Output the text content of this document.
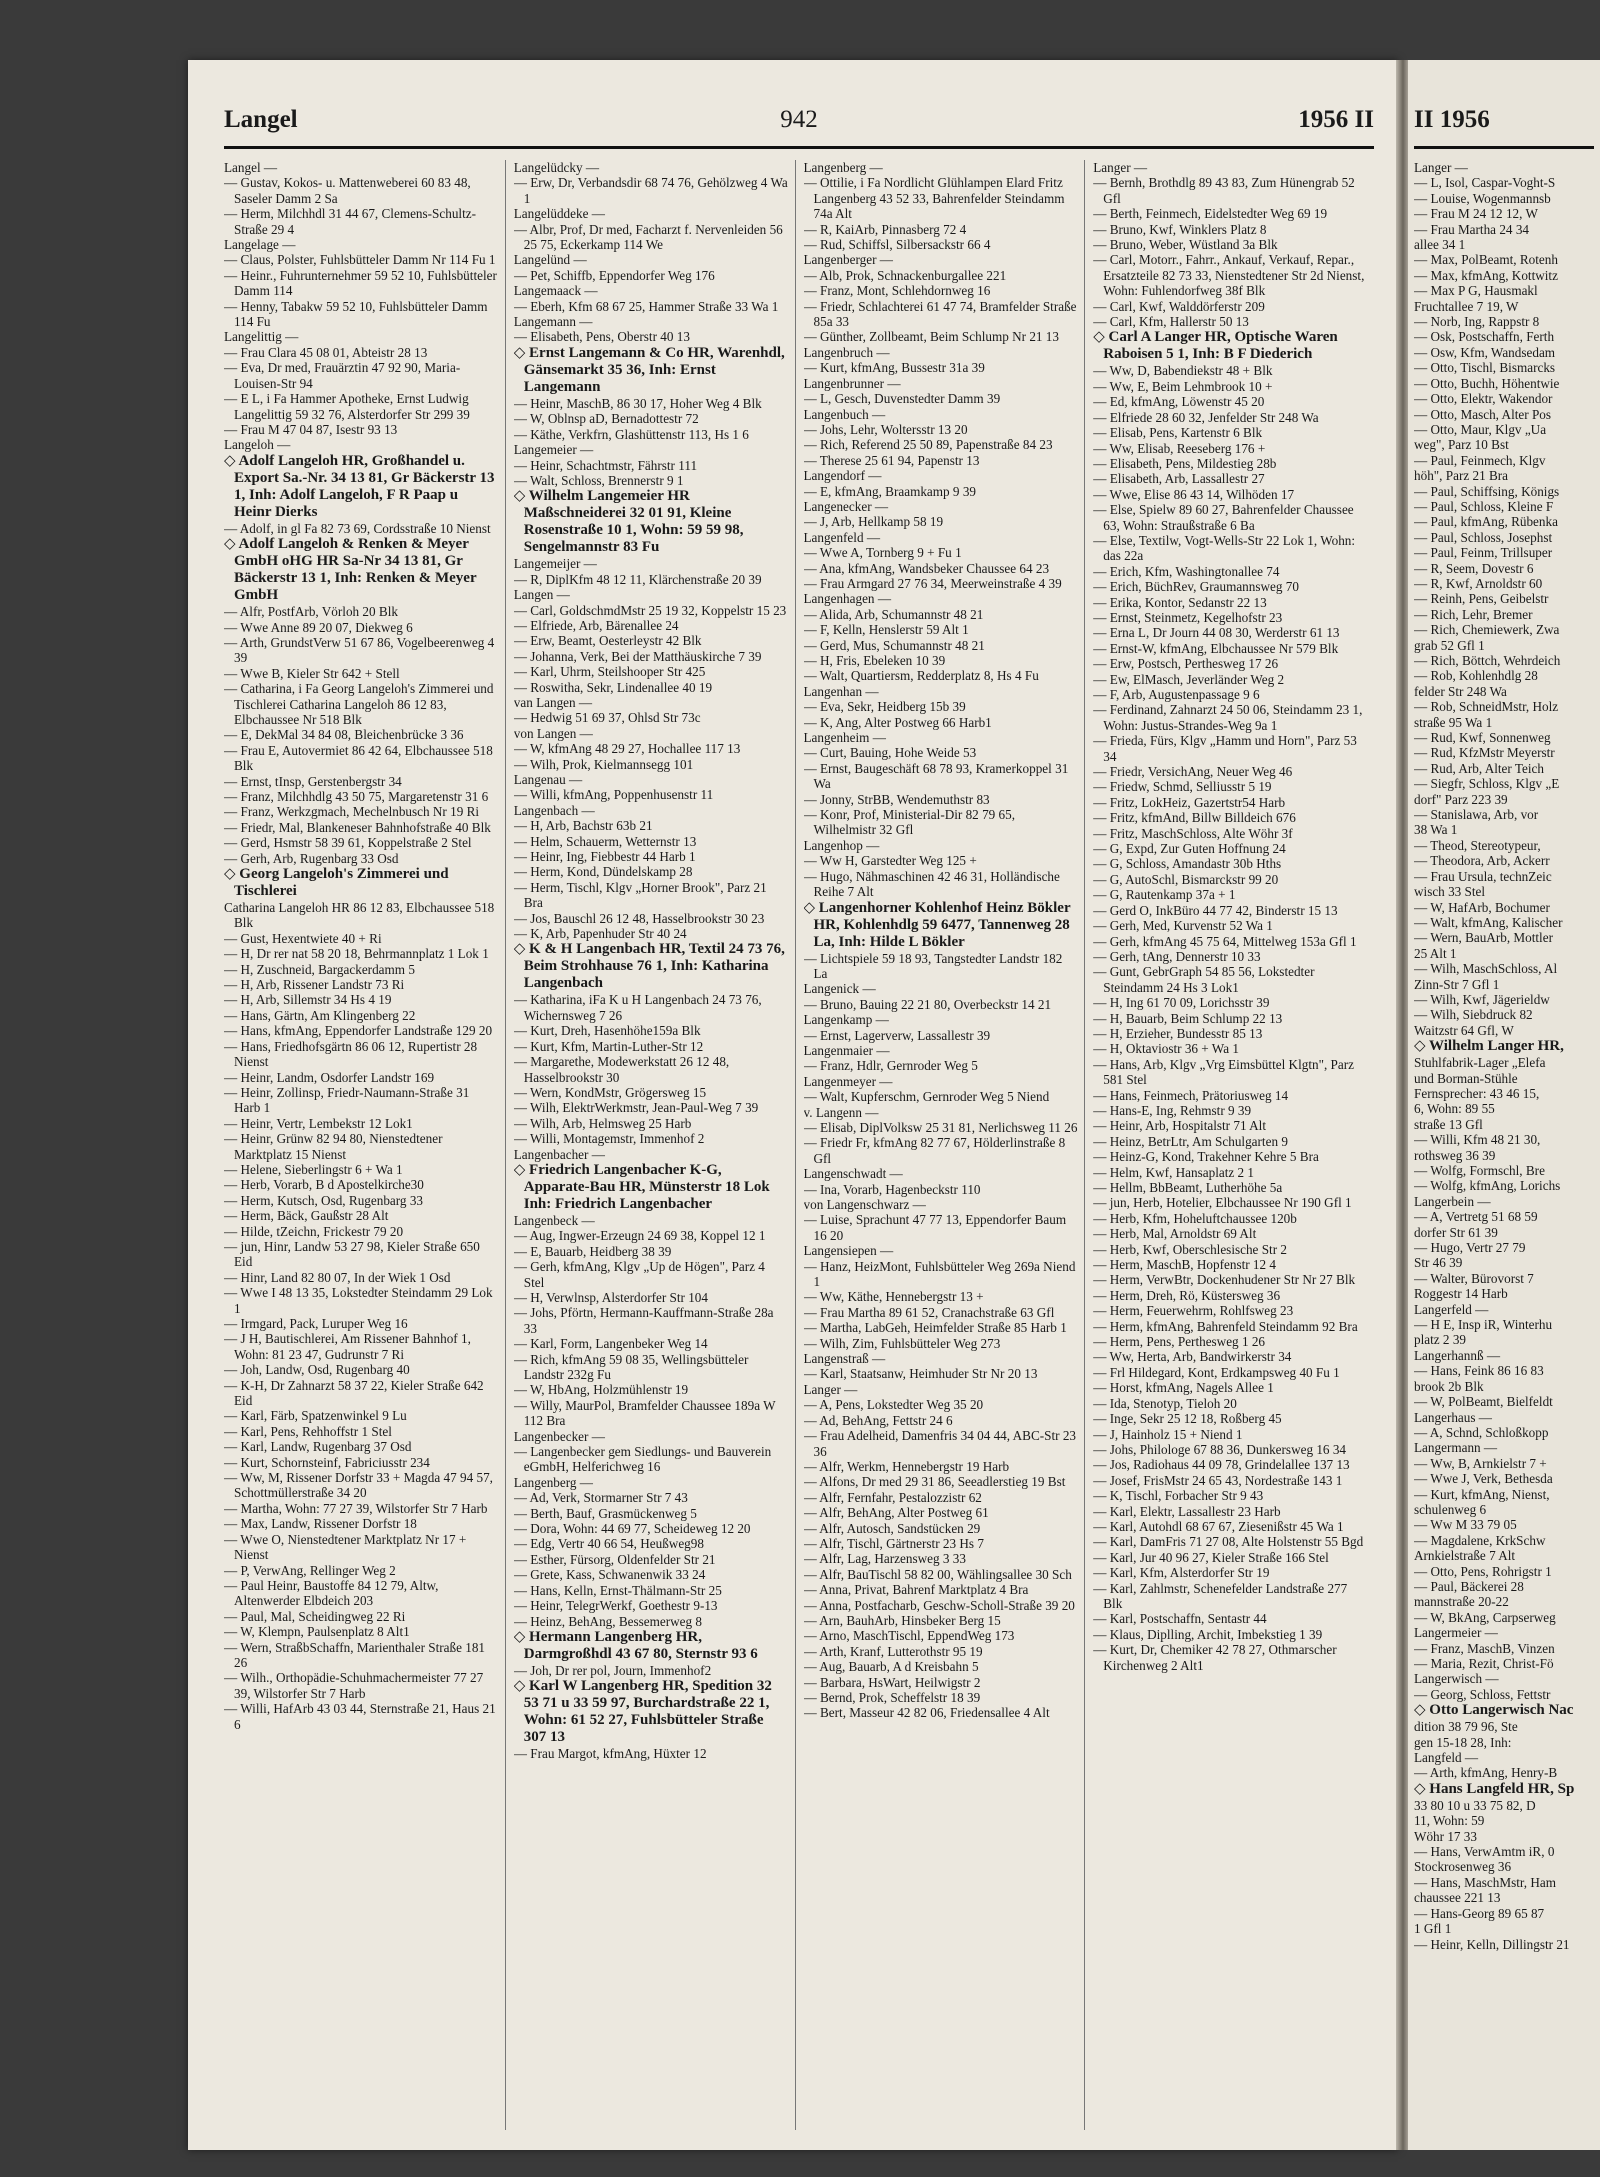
Langel	942	1956 II

Langel —

— Gustav, Kokos- u. Mattenweberei 60 83 48, Saseler Damm 2 Sa

— Herm, Milchhdl 31 44 67, Clemens-Schultz-Straße 29 4

Langelage —

— Claus, Polster, Fuhlsbütteler Damm Nr 114 Fu 1

— Heinr., Fuhrunternehmer 59 52 10, Fuhlsbütteler Damm 114

— Henny, Tabakw 59 52 10, Fuhlsbütteler Damm 114 Fu

Langelittig —

— Frau Clara 45 08 01, Abteistr 28 13

— Eva, Dr med, Frauärztin 47 92 90, Maria-Louisen-Str 94

— E L, i Fa Hammer Apotheke, Ernst Ludwig Langelittig 59 32 76, Alsterdorfer Str 299 39

— Frau M 47 04 87, Isestr 93 13

Langeloh —

◇ Adolf Langeloh HR, Großhandel u. Export Sa.-Nr. 34 13 81, Gr Bäckerstr 13 1, Inh: Adolf Langeloh, F R Paap u Heinr Dierks

— Adolf, in gl Fa 82 73 69, Cordsstraße 10 Nienst

◇ Adolf Langeloh & Renken & Meyer GmbH oHG HR Sa-Nr 34 13 81, Gr Bäckerstr 13 1, Inh: Renken & Meyer GmbH

— Alfr, PostfArb, Vörloh 20 Blk

— Wwe Anne 89 20 07, Diekweg 6

— Arth, GrundstVerw 51 67 86, Vogelbeerenweg 4 39

— Wwe B, Kieler Str 642 + Stell

— Catharina, i Fa Georg Langeloh's Zimmerei und Tischlerei Catharina Langeloh 86 12 83, Elbchaussee Nr 518 Blk

— E, DekMal 34 84 08, Bleichenbrücke 3 36

— Frau E, Autovermiet 86 42 64, Elbchaussee 518 Blk

— Ernst, tInsp, Gerstenbergstr 34

— Franz, Milchhdlg 43 50 75, Margaretenstr 31 6

— Franz, Werkzgmach, Mechelnbusch Nr 19 Ri

— Friedr, Mal, Blankeneser Bahnhofstraße 40 Blk

— Gerd, Hsmstr 58 39 61, Koppelstraße 2 Stel

— Gerh, Arb, Rugenbarg 33 Osd

◇ Georg Langeloh's Zimmerei und Tischlerei

Catharina Langeloh HR 86 12 83, Elbchaussee 518 Blk

— Gust, Hexentwiete 40 + Ri

— H, Dr rer nat 58 20 18, Behrmannplatz 1 Lok 1

— H, Zuschneid, Bargackerdamm 5

— H, Arb, Rissener Landstr 73 Ri

— H, Arb, Sillemstr 34 Hs 4 19

— Hans, Gärtn, Am Klingenberg 22

— Hans, kfmAng, Eppendorfer Landstraße 129 20

— Hans, Friedhofsgärtn 86 06 12, Rupertistr 28 Nienst

— Heinr, Landm, Osdorfer Landstr 169

— Heinr, Zollinsp, Friedr-Naumann-Straße 31 Harb 1

— Heinr, Vertr, Lembekstr 12 Lok1

— Heinr, Grünw 82 94 80, Nienstedtener Marktplatz 15 Nienst

— Helene, Sieberlingstr 6 + Wa 1

— Herb, Vorarb, B d Apostelkirche30

— Herm, Kutsch, Osd, Rugenbarg 33

— Herm, Bäck, Gaußstr 28 Alt

— Hilde, tZeichn, Frickestr 79 20

— jun, Hinr, Landw 53 27 98, Kieler Straße 650 Eid

— Hinr, Land 82 80 07, In der Wiek 1 Osd

— Wwe I 48 13 35, Lokstedter Steindamm 29 Lok 1

— Irmgard, Pack, Luruper Weg 16

— J H, Bautischlerei, Am Rissener Bahnhof 1, Wohn: 81 23 47, Gudrunstr 7 Ri

— Joh, Landw, Osd, Rugenbarg 40

— K-H, Dr Zahnarzt 58 37 22, Kieler Straße 642 Eid

— Karl, Färb, Spatzenwinkel 9 Lu

— Karl, Pens, Rehhoffstr 1 Stel

— Karl, Landw, Rugenbarg 37 Osd

— Kurt, Schornsteinf, Fabriciusstr 234

— Ww, M, Rissener Dorfstr 33 + Magda 47 94 57, Schottmüllerstraße 34 20

— Martha, Wohn: 77 27 39, Wilstorfer Str 7 Harb

— Max, Landw, Rissener Dorfstr 18

— Wwe O, Nienstedtener Marktplatz Nr 17 + Nienst

— P, VerwAng, Rellinger Weg 2

— Paul Heinr, Baustoffe 84 12 79, Altw, Altenwerder Elbdeich 203

— Paul, Mal, Scheidingweg 22 Ri

— W, Klempn, Paulsenplatz 8 Alt1

— Wern, StraßbSchaffn, Marienthaler Straße 181 26

— Wilh., Orthopädie-Schuhmachermeister 77 27 39, Wilstorfer Str 7 Harb

— Willi, HafArb 43 03 44, Sternstraße 21, Haus 21 6

Langelüdcky —

— Erw, Dr, Verbandsdir 68 74 76, Gehölzweg 4 Wa 1

Langelüddeke —

— Albr, Prof, Dr med, Facharzt f. Nervenleiden 56 25 75, Eckerkamp 114 We

Langelünd —

— Pet, Schiffb, Eppendorfer Weg 176

Langemaack —

— Eberh, Kfm 68 67 25, Hammer Straße 33 Wa 1

Langemann —

— Elisabeth, Pens, Oberstr 40 13

◇ Ernst Langemann & Co HR, Warenhdl, Gänsemarkt 35 36, Inh: Ernst Langemann

— Heinr, MaschB, 86 30 17, Hoher Weg 4 Blk

— W, Oblnsp aD, Bernadottestr 72

— Käthe, Verkfrn, Glashüttenstr 113, Hs 1 6

Langemeier —

— Heinr, Schachtmstr, Fährstr 111

— Walt, Schloss, Brennerstr 9 1

◇ Wilhelm Langemeier HR Maßschneiderei 32 01 91, Kleine Rosenstraße 10 1, Wohn: 59 59 98, Sengelmannstr 83 Fu

Langemeijer —

— R, DiplKfm 48 12 11, Klärchenstraße 20 39

Langen —

— Carl, GoldschmdMstr 25 19 32, Koppelstr 15 23

— Elfriede, Arb, Bärenallee 24

— Erw, Beamt, Oesterleystr 42 Blk

— Johanna, Verk, Bei der Matthäuskirche 7 39

— Karl, Uhrm, Steilshooper Str 425

— Roswitha, Sekr, Lindenallee 40 19

van Langen —

— Hedwig 51 69 37, Ohlsd Str 73c

von Langen —

— W, kfmAng 48 29 27, Hochallee 117 13

— Wilh, Prok, Kielmannsegg 101

Langenau —

— Willi, kfmAng, Poppenhusenstr 11

Langenbach —

— H, Arb, Bachstr 63b 21

— Helm, Schauerm, Wetternstr 13

— Heinr, Ing, Fiebbestr 44 Harb 1

— Herm, Kond, Dündelskamp 28

— Herm, Tischl, Klgv „Horner Brook", Parz 21 Bra

— Jos, Bauschl 26 12 48, Hasselbrookstr 30 23

— K, Arb, Papenhuder Str 40 24

◇ K & H Langenbach HR, Textil 24 73 76, Beim Strohhause 76 1, Inh: Katharina Langenbach

— Katharina, iFa K u H Langenbach 24 73 76, Wichernsweg 7 26

— Kurt, Dreh, Hasenhöhe159a Blk

— Kurt, Kfm, Martin-Luther-Str 12

— Margarethe, Modewerkstatt 26 12 48, Hasselbrookstr 30

— Wern, KondMstr, Grögersweg 15

— Wilh, ElektrWerkmstr, Jean-Paul-Weg 7 39

— Wilh, Arb, Helmsweg 25 Harb

— Willi, Montagemstr, Immenhof 2

Langenbacher —

◇ Friedrich Langenbacher K-G, Apparate-Bau HR, Münsterstr 18 Lok Inh: Friedrich Langenbacher

Langenbeck —

— Aug, Ingwer-Erzeugn 24 69 38, Koppel 12 1

— E, Bauarb, Heidberg 38 39

— Gerh, kfmAng, Klgv „Up de Högen", Parz 4 Stel

— H, Verwlnsp, Alsterdorfer Str 104

— Johs, Pförtn, Hermann-Kauffmann-Straße 28a 33

— Karl, Form, Langenbeker Weg 14

— Rich, kfmAng 59 08 35, Wellingsbütteler Landstr 232g Fu

— W, HbAng, Holzmühlenstr 19

— Willy, MaurPol, Bramfelder Chaussee 189a W 112 Bra

Langenbecker —

— Langenbecker gem Siedlungs- und Bauverein eGmbH, Helferichweg 16

Langenberg —

— Ad, Verk, Stormarner Str 7 43

— Berth, Bauf, Grasmückenweg 5

— Dora, Wohn: 44 69 77, Scheideweg 12 20

— Edg, Vertr 40 66 54, Heußweg98

— Esther, Fürsorg, Oldenfelder Str 21

— Grete, Kass, Schwanenwik 33 24

— Hans, Kelln, Ernst-Thälmann-Str 25

— Heinr, TelegrWerkf, Goethestr 9-13

— Heinz, BehAng, Bessemerweg 8

◇ Hermann Langenberg HR, Darmgroßhdl 43 67 80, Sternstr 93 6

— Joh, Dr rer pol, Journ, Immenhof2

◇ Karl W Langenberg HR, Spedition 32 53 71 u 33 59 97, Burchardstraße 22 1, Wohn: 61 52 27, Fuhlsbütteler Straße 307 13

— Frau Margot, kfmAng, Hüxter 12

Langenberg —

— Ottilie, i Fa Nordlicht Glühlampen Elard Fritz Langenberg 43 52 33, Bahrenfelder Steindamm 74a Alt

— R, KaiArb, Pinnasberg 72 4

— Rud, Schiffsl, Silbersackstr 66 4

Langenberger —

— Alb, Prok, Schnackenburgallee 221

— Franz, Mont, Schlehdornweg 16

— Friedr, Schlachterei 61 47 74, Bramfelder Straße 85a 33

— Günther, Zollbeamt, Beim Schlump Nr 21 13

Langenbruch —

— Kurt, kfmAng, Bussestr 31a 39

Langenbrunner —

— L, Gesch, Duvenstedter Damm 39

Langenbuch —

— Johs, Lehr, Woltersstr 13 20

— Rich, Referend 25 50 89, Papenstraße 84 23

— Therese 25 61 94, Papenstr 13

Langendorf —

— E, kfmAng, Braamkamp 9 39

Langenecker —

— J, Arb, Hellkamp 58 19

Langenfeld —

— Wwe A, Tornberg 9 + Fu 1

— Ana, kfmAng, Wandsbeker Chaussee 64 23

— Frau Armgard 27 76 34, Meerweinstraße 4 39

Langenhagen —

— Alida, Arb, Schumannstr 48 21

— F, Kelln, Henslerstr 59 Alt 1

— Gerd, Mus, Schumannstr 48 21

— H, Fris, Ebeleken 10 39

— Walt, Quartiersm, Redderplatz 8, Hs 4 Fu

Langenhan —

— Eva, Sekr, Heidberg 15b 39

— K, Ang, Alter Postweg 66 Harb1

Langenheim —

— Curt, Bauing, Hohe Weide 53

— Ernst, Baugeschäft 68 78 93, Kramerkoppel 31 Wa

— Jonny, StrBB, Wendemuthstr 83

— Konr, Prof, Ministerial-Dir 82 79 65, Wilhelmistr 32 Gfl

Langenhop —

— Ww H, Garstedter Weg 125 +

— Hugo, Nähmaschinen 42 46 31, Holländische Reihe 7 Alt

◇ Langenhorner Kohlenhof Heinz Bökler HR, Kohlenhdlg 59 6477, Tannenweg 28 La, Inh: Hilde L Bökler

— Lichtspiele 59 18 93, Tangstedter Landstr 182 La

Langenick —

— Bruno, Bauing 22 21 80, Overbeckstr 14 21

Langenkamp —

— Ernst, Lagerverw, Lassallestr 39

Langenmaier —

— Franz, Hdlr, Gernroder Weg 5

Langenmeyer —

— Walt, Kupferschm, Gernroder Weg 5 Niend

v. Langenn —

— Elisab, DiplVolksw 25 31 81, Nerlichsweg 11 26

— Friedr Fr, kfmAng 82 77 67, Hölderlinstraße 8 Gfl

Langenschwadt —

— Ina, Vorarb, Hagenbeckstr 110

von Langenschwarz —

— Luise, Sprachunt 47 77 13, Eppendorfer Baum 16 20

Langensiepen —

— Hanz, HeizMont, Fuhlsbütteler Weg 269a Niend 1

— Ww, Käthe, Hennebergstr 13 +

— Frau Martha 89 61 52, Cranachstraße 63 Gfl

— Martha, LabGeh, Heimfelder Straße 85 Harb 1

— Wilh, Zim, Fuhlsbütteler Weg 273

Langenstraß —

— Karl, Staatsanw, Heimhuder Str Nr 20 13

Langer —

— A, Pens, Lokstedter Weg 35 20

— Ad, BehAng, Fettstr 24 6

— Frau Adelheid, Damenfris 34 04 44, ABC-Str 23 36

— Alfr, Werkm, Hennebergstr 19 Harb

— Alfons, Dr med 29 31 86, Seeadlerstieg 19 Bst

— Alfr, Fernfahr, Pestalozzistr 62

— Alfr, BehAng, Alter Postweg 61

— Alfr, Autosch, Sandstücken 29

— Alfr, Tischl, Gärtnerstr 23 Hs 7

— Alfr, Lag, Harzensweg 3 33

— Alfr, BauTischl 58 82 00, Wählingsallee 30 Sch

— Anna, Privat, Bahrenf Marktplatz 4 Bra

— Anna, Postfacharb, Geschw-Scholl-Straße 39 20

— Arn, BauhArb, Hinsbeker Berg 15

— Arno, MaschTischl, EppendWeg 173

— Arth, Kranf, Lutterothstr 95 19

— Aug, Bauarb, A d Kreisbahn 5

— Barbara, HsWart, Heilwigstr 2

— Bernd, Prok, Scheffelstr 18 39

— Bert, Masseur 42 82 06, Friedensallee 4 Alt

Langer —

— Bernh, Brothdlg 89 43 83, Zum Hünengrab 52 Gfl

— Berth, Feinmech, Eidelstedter Weg 69 19

— Bruno, Kwf, Winklers Platz 8

— Bruno, Weber, Wüstland 3a Blk

— Carl, Motorr., Fahrr., Ankauf, Verkauf, Repar., Ersatzteile 82 73 33, Nienstedtener Str 2d Nienst, Wohn: Fuhlendorfweg 38f Blk

— Carl, Kwf, Walddörferstr 209

— Carl, Kfm, Hallerstr 50 13

◇ Carl A Langer HR, Optische Waren Raboisen 5 1, Inh: B F Diederich

— Ww, D, Babendiekstr 48 + Blk

— Ww, E, Beim Lehmbrook 10 +

— Ed, kfmAng, Löwenstr 45 20

— Elfriede 28 60 32, Jenfelder Str 248 Wa

— Elisab, Pens, Kartenstr 6 Blk

— Ww, Elisab, Reeseberg 176 +

— Elisabeth, Pens, Mildestieg 28b

— Elisabeth, Arb, Lassallestr 27

— Wwe, Elise 86 43 14, Wilhöden 17

— Else, Spielw 89 60 27, Bahrenfelder Chaussee 63, Wohn: Straußstraße 6 Ba

— Else, Textilw, Vogt-Wells-Str 22 Lok 1, Wohn: das 22a

— Erich, Kfm, Washingtonallee 74

— Erich, BüchRev, Graumannsweg 70

— Erika, Kontor, Sedanstr 22 13

— Ernst, Steinmetz, Kegelhofstr 23

— Erna L, Dr Journ 44 08 30, Werderstr 61 13

— Ernst-W, kfmAng, Elbchaussee Nr 579 Blk

— Erw, Postsch, Perthesweg 17 26

— Ew, ElMasch, Jeverländer Weg 2

— F, Arb, Augustenpassage 9 6

— Ferdinand, Zahnarzt 24 50 06, Steindamm 23 1, Wohn: Justus-Strandes-Weg 9a 1

— Frieda, Fürs, Klgv „Hamm und Horn", Parz 53 34

— Friedr, VersichAng, Neuer Weg 46

— Friedw, Schmd, Selliusstr 5 19

— Fritz, LokHeiz, Gazertstr54 Harb

— Fritz, kfmAnd, Billw Billdeich 676

— Fritz, MaschSchloss, Alte Wöhr 3f

— G, Expd, Zur Guten Hoffnung 24

— G, Schloss, Amandastr 30b Hths

— G, AutoSchl, Bismarckstr 99 20

— G, Rautenkamp 37a + 1

— Gerd O, InkBüro 44 77 42, Binderstr 15 13

— Gerh, Med, Kurvenstr 52 Wa 1

— Gerh, kfmAng 45 75 64, Mittelweg 153a Gfl 1

— Gerh, tAng, Dennerstr 10 33

— Gunt, GebrGraph 54 85 56, Lokstedter Steindamm 24 Hs 3 Lok1

— H, Ing 61 70 09, Lorichsstr 39

— H, Bauarb, Beim Schlump 22 13

— H, Erzieher, Bundesstr 85 13

— H, Oktaviostr 36 + Wa 1

— Hans, Arb, Klgv „Vrg Eimsbüttel Klgtn", Parz 581 Stel

— Hans, Feinmech, Prätoriusweg 14

— Hans-E, Ing, Rehmstr 9 39

— Heinr, Arb, Hospitalstr 71 Alt

— Heinz, BetrLtr, Am Schulgarten 9

— Heinz-G, Kond, Trakehner Kehre 5 Bra

— Helm, Kwf, Hansaplatz 2 1

— Hellm, BbBeamt, Lutherhöhe 5a

— jun, Herb, Hotelier, Elbchaussee Nr 190 Gfl 1

— Herb, Kfm, Hoheluftchaussee 120b

— Herb, Mal, Arnoldstr 69 Alt

— Herb, Kwf, Oberschlesische Str 2

— Herm, MaschB, Hopfenstr 12 4

— Herm, VerwBtr, Dockenhudener Str Nr 27 Blk

— Herm, Dreh, Rö, Küstersweg 36

— Herm, Feuerwehrm, Rohlfsweg 23

— Herm, kfmAng, Bahrenfeld Steindamm 92 Bra

— Herm, Pens, Perthesweg 1 26

— Ww, Herta, Arb, Bandwirkerstr 34

— Frl Hildegard, Kont, Erdkampsweg 40 Fu 1

— Horst, kfmAng, Nagels Allee 1

— Ida, Stenotyp, Tieloh 20

— Inge, Sekr 25 12 18, Roßberg 45

— J, Hainholz 15 + Niend 1

— Johs, Philologe 67 88 36, Dunkersweg 16 34

— Jos, Radiohaus 44 09 78, Grindelallee 137 13

— Josef, FrisMstr 24 65 43, Nordestraße 143 1

— K, Tischl, Forbacher Str 9 43

— Karl, Elektr, Lassallestr 23 Harb

— Karl, Autohdl 68 67 67, Ziesenißstr 45 Wa 1

— Karl, DamFris 71 27 08, Alte Holstenstr 55 Bgd

— Karl, Jur 40 96 27, Kieler Straße 166 Stel

— Karl, Kfm, Alsterdorfer Str 19

— Karl, Zahlmstr, Schenefelder Landstraße 277 Blk

— Karl, Postschaffn, Sentastr 44

— Klaus, Diplling, Archit, Imbekstieg 1 39

— Kurt, Dr, Chemiker 42 78 27, Othmarscher Kirchenweg 2 Alt1

II 1956

Langer —

— L, Isol, Caspar-Voght-S

— Louise, Wogenmannsb

— Frau M 24 12 12, W

— Frau Martha 24 34

allee 34 1

— Max, PolBeamt, Rotenh

— Max, kfmAng, Kottwitz

— Max P G, Hausmakl

Fruchtallee 7 19, W

— Norb, Ing, Rappstr 8

— Osk, Postschaffn, Ferth

— Osw, Kfm, Wandsedam

— Otto, Tischl, Bismarcks

— Otto, Buchh, Höhentwie

— Otto, Elektr, Wakendor

— Otto, Masch, Alter Pos

— Otto, Maur, Klgv „Ua

weg", Parz 10 Bst

— Paul, Feinmech, Klgv

höh", Parz 21 Bra

— Paul, Schiffsing, Königs

— Paul, Schloss, Kleine F

— Paul, kfmAng, Rübenka

— Paul, Schloss, Josephst

— Paul, Feinm, Trillsuper

— R, Seem, Dovestr 6

— R, Kwf, Arnoldstr 60

— Reinh, Pens, Geibelstr

— Rich, Lehr, Bremer

— Rich, Chemiewerk, Zwa

grab 52 Gfl 1

— Rich, Böttch, Wehrdeich

— Rob, Kohlenhdlg 28

felder Str 248 Wa

— Rob, SchneidMstr, Holz

straße 95 Wa 1

— Rud, Kwf, Sonnenweg

— Rud, KfzMstr Meyerstr

— Rud, Arb, Alter Teich

— Siegfr, Schloss, Klgv „E

dorf" Parz 223 39

— Stanislawa, Arb, vor

38 Wa 1

— Theod, Stereotypeur,

— Theodora, Arb, Ackerr

— Frau Ursula, technZeic

wisch 33 Stel

— W, HafArb, Bochumer

— Walt, kfmAng, Kalischer

— Wern, BauArb, Mottler

25 Alt 1

— Wilh, MaschSchloss, Al

Zinn-Str 7 Gfl 1

— Wilh, Kwf, Jägerieldw

— Wilh, Siebdruck 82

Waitzstr 64 Gfl, W

◇ Wilhelm Langer HR,

Stuhlfabrik-Lager „Elefa

und Borman-Stühle

Fernsprecher: 43 46 15,

6, Wohn: 89 55

straße 13 Gfl

— Willi, Kfm 48 21 30,

rothsweg 36 39

— Wolfg, Formschl, Bre

— Wolfg, kfmAng, Lorichs

Langerbein —

— A, Vertretg 51 68 59

dorfer Str 61 39

— Hugo, Vertr 27 79

Str 46 39

— Walter, Bürovorst 7

Roggestr 14 Harb

Langerfeld —

— H E, Insp iR, Winterhu

platz 2 39

Langerhannß —

— Hans, Feink 86 16 83

brook 2b Blk

— W, PolBeamt, Bielfeldt

Langerhaus —

— A, Schnd, Schloßkopp

Langermann —

— Ww, B, Arnkielstr 7 +

— Wwe J, Verk, Bethesda

— Kurt, kfmAng, Nienst,

schulenweg 6

— Ww M 33 79 05

— Magdalene, KrkSchw

Arnkielstraße 7 Alt

— Otto, Pens, Rohrigstr 1

— Paul, Bäckerei 28

mannstraße 20-22

— W, BkAng, Carpserweg

Langermeier —

— Franz, MaschB, Vinzen

— Maria, Rezit, Christ-Fö

Langerwisch —

— Georg, Schloss, Fettstr

◇ Otto Langerwisch Nac

dition 38 79 96, Ste

gen 15-18 28, Inh:

Langfeld —

— Arth, kfmAng, Henry-B

◇ Hans Langfeld HR, Sp

33 80 10 u 33 75 82, D

11, Wohn: 59

Wöhr 17 33

— Hans, VerwAmtm iR, 0

Stockrosenweg 36

— Hans, MaschMstr, Ham

chaussee 221 13

— Hans-Georg 89 65 87

1 Gfl 1

— Heinr, Kelln, Dillingstr 21
